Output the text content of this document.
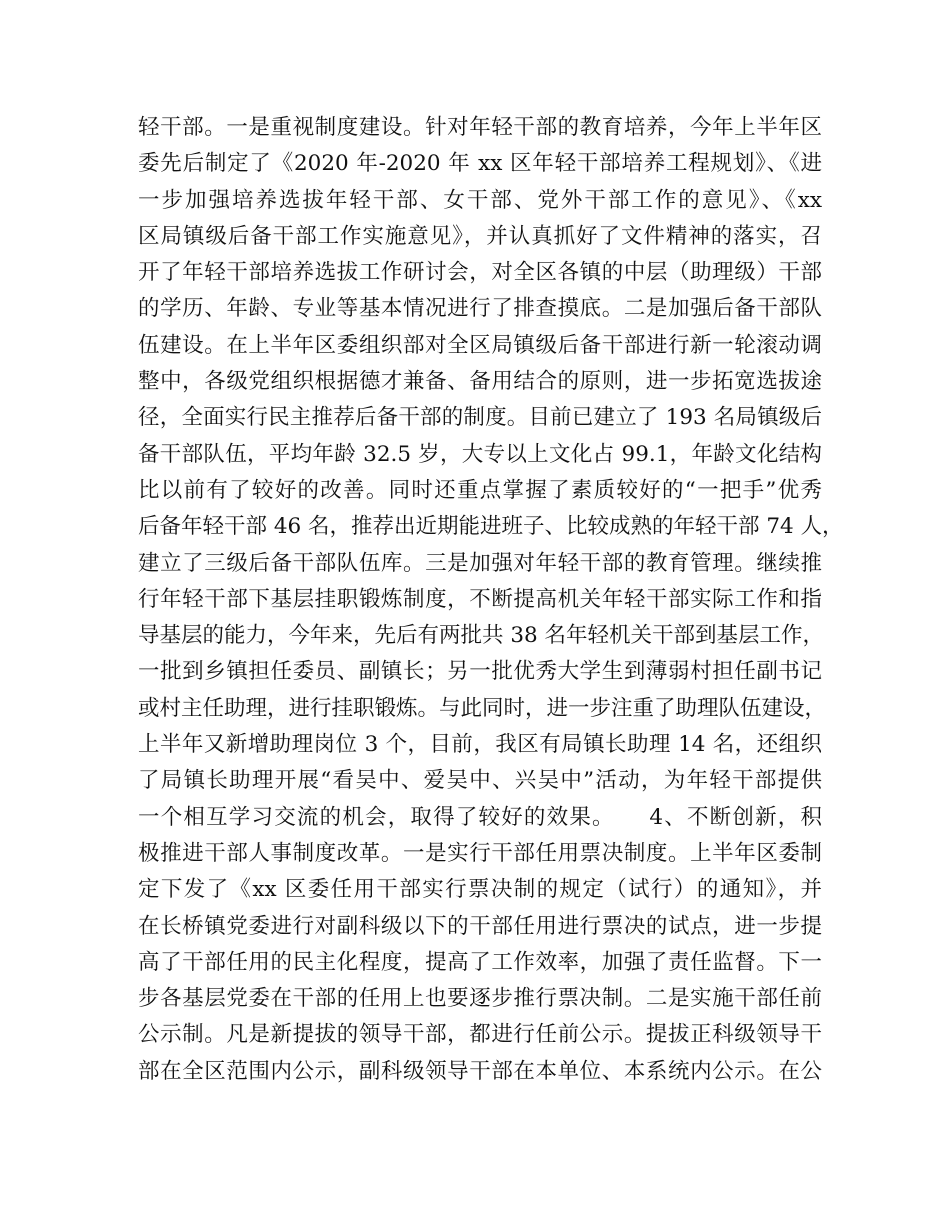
轻干部。一是重视制度建设。针对年轻干部的教育培养，今年上半年区
委先后制定了《2020 年-2020 年 xx 区年轻干部培养工程规划》、《进
一步加强培养选拔年轻干部、女干部、党外干部工作的意见》、《xx
区局镇级后备干部工作实施意见》，并认真抓好了文件精神的落实，召
开了年轻干部培养选拔工作研讨会，对全区各镇的中层（助理级）干部
的学历、年龄、专业等基本情况进行了排查摸底。二是加强后备干部队
伍建设。在上半年区委组织部对全区局镇级后备干部进行新一轮滚动调
整中，各级党组织根据德才兼备、备用结合的原则，进一步拓宽选拔途
径，全面实行民主推荐后备干部的制度。目前已建立了 193 名局镇级后
备干部队伍，平均年龄 32.5 岁，大专以上文化占 99.1，年龄文化结构
比以前有了较好的改善。同时还重点掌握了素质较好的“一把手”优秀
后备年轻干部 46 名，推荐出近期能进班子、比较成熟的年轻干部 74 人，
建立了三级后备干部队伍库。三是加强对年轻干部的教育管理。继续推
行年轻干部下基层挂职锻炼制度，不断提高机关年轻干部实际工作和指
导基层的能力，今年来，先后有两批共 38 名年轻机关干部到基层工作，
一批到乡镇担任委员、副镇长；另一批优秀大学生到薄弱村担任副书记
或村主任助理，进行挂职锻炼。与此同时，进一步注重了助理队伍建设，
上半年又新增助理岗位 3 个，目前，我区有局镇长助理 14 名，还组织
了局镇长助理开展“看吴中、爱吴中、兴吴中”活动，为年轻干部提供
一个相互学习交流的机会，取得了较好的效果。　　4、不断创新，积
极推进干部人事制度改革。一是实行干部任用票决制度。上半年区委制
定下发了《xx 区委任用干部实行票决制的规定（试行）的通知》，并
在长桥镇党委进行对副科级以下的干部任用进行票决的试点，进一步提
高了干部任用的民主化程度，提高了工作效率，加强了责任监督。下一
步各基层党委在干部的任用上也要逐步推行票决制。二是实施干部任前
公示制。凡是新提拔的领导干部，都进行任前公示。提拔正科级领导干
部在全区范围内公示，副科级领导干部在本单位、本系统内公示。在公
